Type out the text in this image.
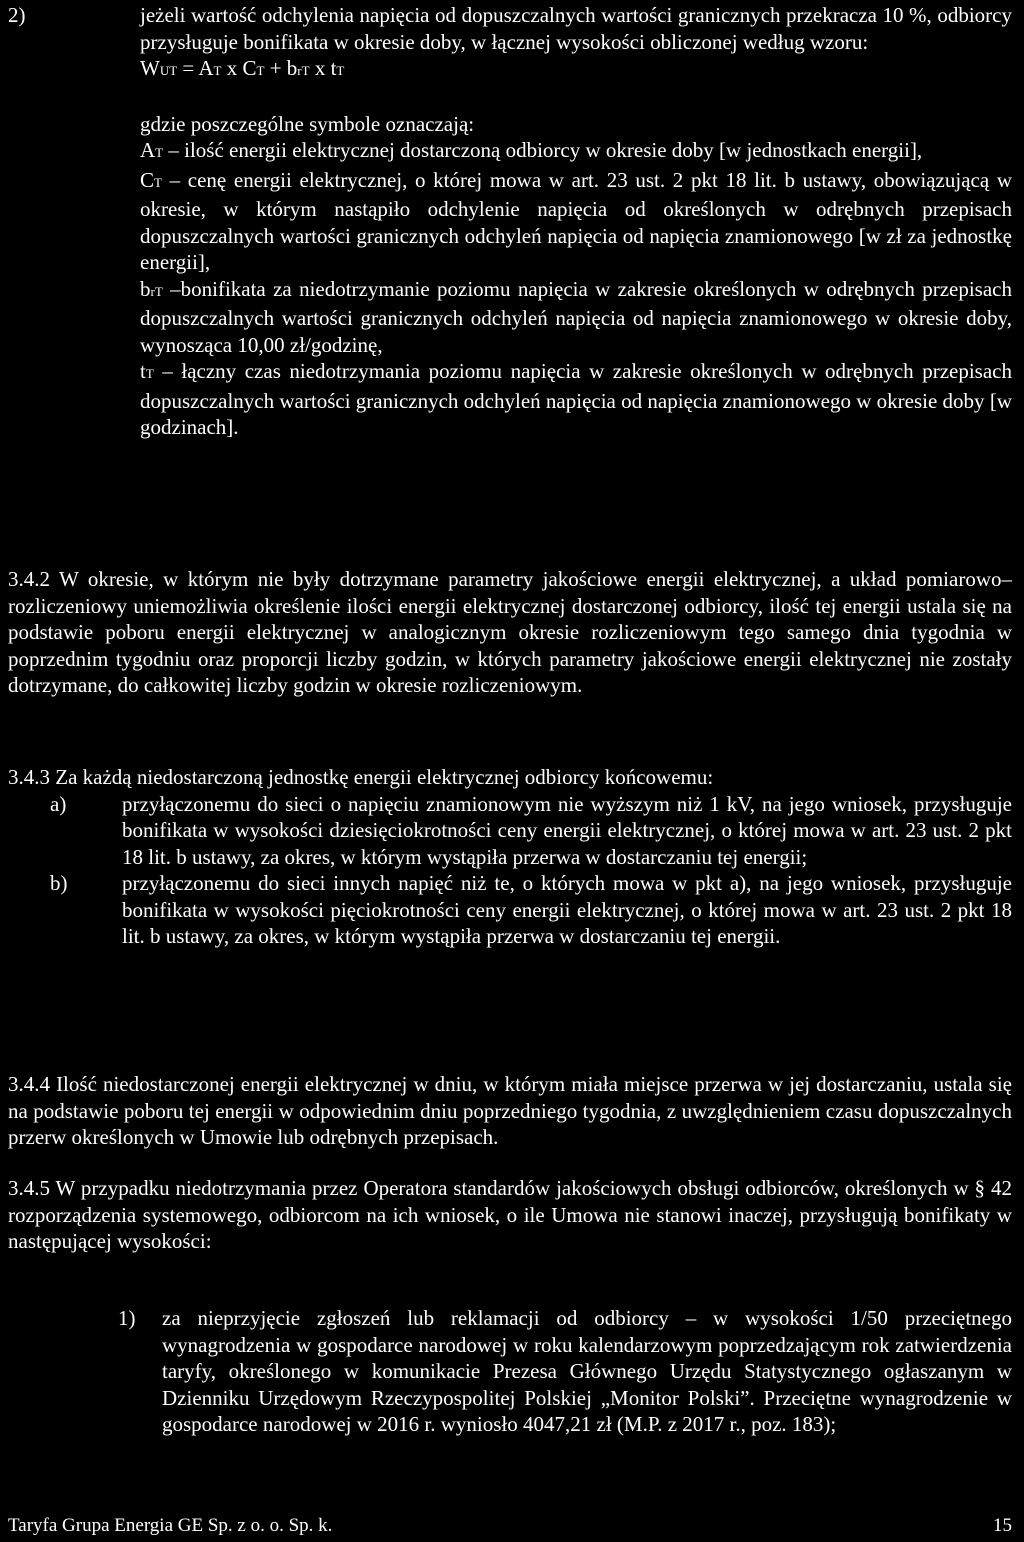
2)	jeżeli wartość odchylenia napięcia od dopuszczalnych wartości granicznych przekracza 10 %, odbiorcy przysługuje bonifikata w okresie doby, w łącznej wysokości obliczonej według wzoru:

WUT = AT x CT + brT x tT

gdzie poszczególne symbole oznaczają:

AT – ilość energii elektrycznej dostarczoną odbiorcy w okresie doby [w jednostkach energii],

CT – cenę energii elektrycznej, o której mowa w art. 23 ust. 2 pkt 18 lit. b ustawy, obowiązującą w okresie, w którym nastąpiło odchylenie napięcia od określonych w odrębnych przepisach dopuszczalnych wartości granicznych odchyleń napięcia od napięcia znamionowego [w zł za jednostkę energii],

brT –bonifikata za niedotrzymanie poziomu napięcia w zakresie określonych w odrębnych przepisach dopuszczalnych wartości granicznych odchyleń napięcia od napięcia znamionowego w okresie doby, wynosząca 10,00 zł/godzinę,

tT – łączny czas niedotrzymania poziomu napięcia w zakresie określonych w odrębnych przepisach dopuszczalnych wartości granicznych odchyleń napięcia od napięcia znamionowego w okresie doby [w godzinach].

3.4.2 W okresie, w którym nie były dotrzymane parametry jakościowe energii elektrycznej, a układ pomiarowo–rozliczeniowy uniemożliwia określenie ilości energii elektrycznej dostarczonej odbiorcy, ilość tej energii ustala się na podstawie poboru energii elektrycznej w analogicznym okresie rozliczeniowym tego samego dnia tygodnia w poprzednim tygodniu oraz proporcji liczby godzin, w których parametry jakościowe energii elektrycznej nie zostały dotrzymane, do całkowitej liczby godzin w okresie rozliczeniowym.

3.4.3 Za każdą niedostarczoną jednostkę energii elektrycznej odbiorcy końcowemu:

a)	przyłączonemu do sieci o napięciu znamionowym nie wyższym niż 1 kV, na jego wniosek, przysługuje bonifikata w wysokości dziesięciokrotności ceny energii elektrycznej, o której mowa w art. 23 ust. 2 pkt 18 lit. b ustawy, za okres, w którym wystąpiła przerwa w dostarczaniu tej energii;
b)	przyłączonemu do sieci innych napięć niż te, o których mowa w pkt a), na jego wniosek, przysługuje bonifikata w wysokości pięciokrotności ceny energii elektrycznej, o której mowa w art. 23 ust. 2 pkt 18 lit. b ustawy, za okres, w którym wystąpiła przerwa w dostarczaniu tej energii.

3.4.4 Ilość niedostarczonej energii elektrycznej w dniu, w którym miała miejsce przerwa w jej dostarczaniu, ustala się na podstawie poboru tej energii w odpowiednim dniu poprzedniego tygodnia, z uwzględnieniem czasu dopuszczalnych przerw określonych w Umowie lub odrębnych przepisach.

3.4.5 W przypadku niedotrzymania przez Operatora standardów jakościowych obsługi odbiorców, określonych w § 42 rozporządzenia systemowego, odbiorcom na ich wniosek, o ile Umowa nie stanowi inaczej, przysługują bonifikaty w następującej wysokości:

1) za nieprzyjęcie zgłoszeń lub reklamacji od odbiorcy – w wysokości 1/50 przeciętnego wynagrodzenia w gospodarce narodowej w roku kalendarzowym poprzedzającym rok zatwierdzenia taryfy, określonego w komunikacie Prezesa Głównego Urzędu Statystycznego ogłaszanym w Dzienniku Urzędowym Rzeczypospolitej Polskiej „Monitor Polski”. Przeciętne wynagrodzenie w gospodarce narodowej w 2016 r. wyniosło 4047,21 zł (M.P. z 2017 r., poz. 183);
Taryfa Grupa Energia GE Sp. z o. o. Sp. k.	15
